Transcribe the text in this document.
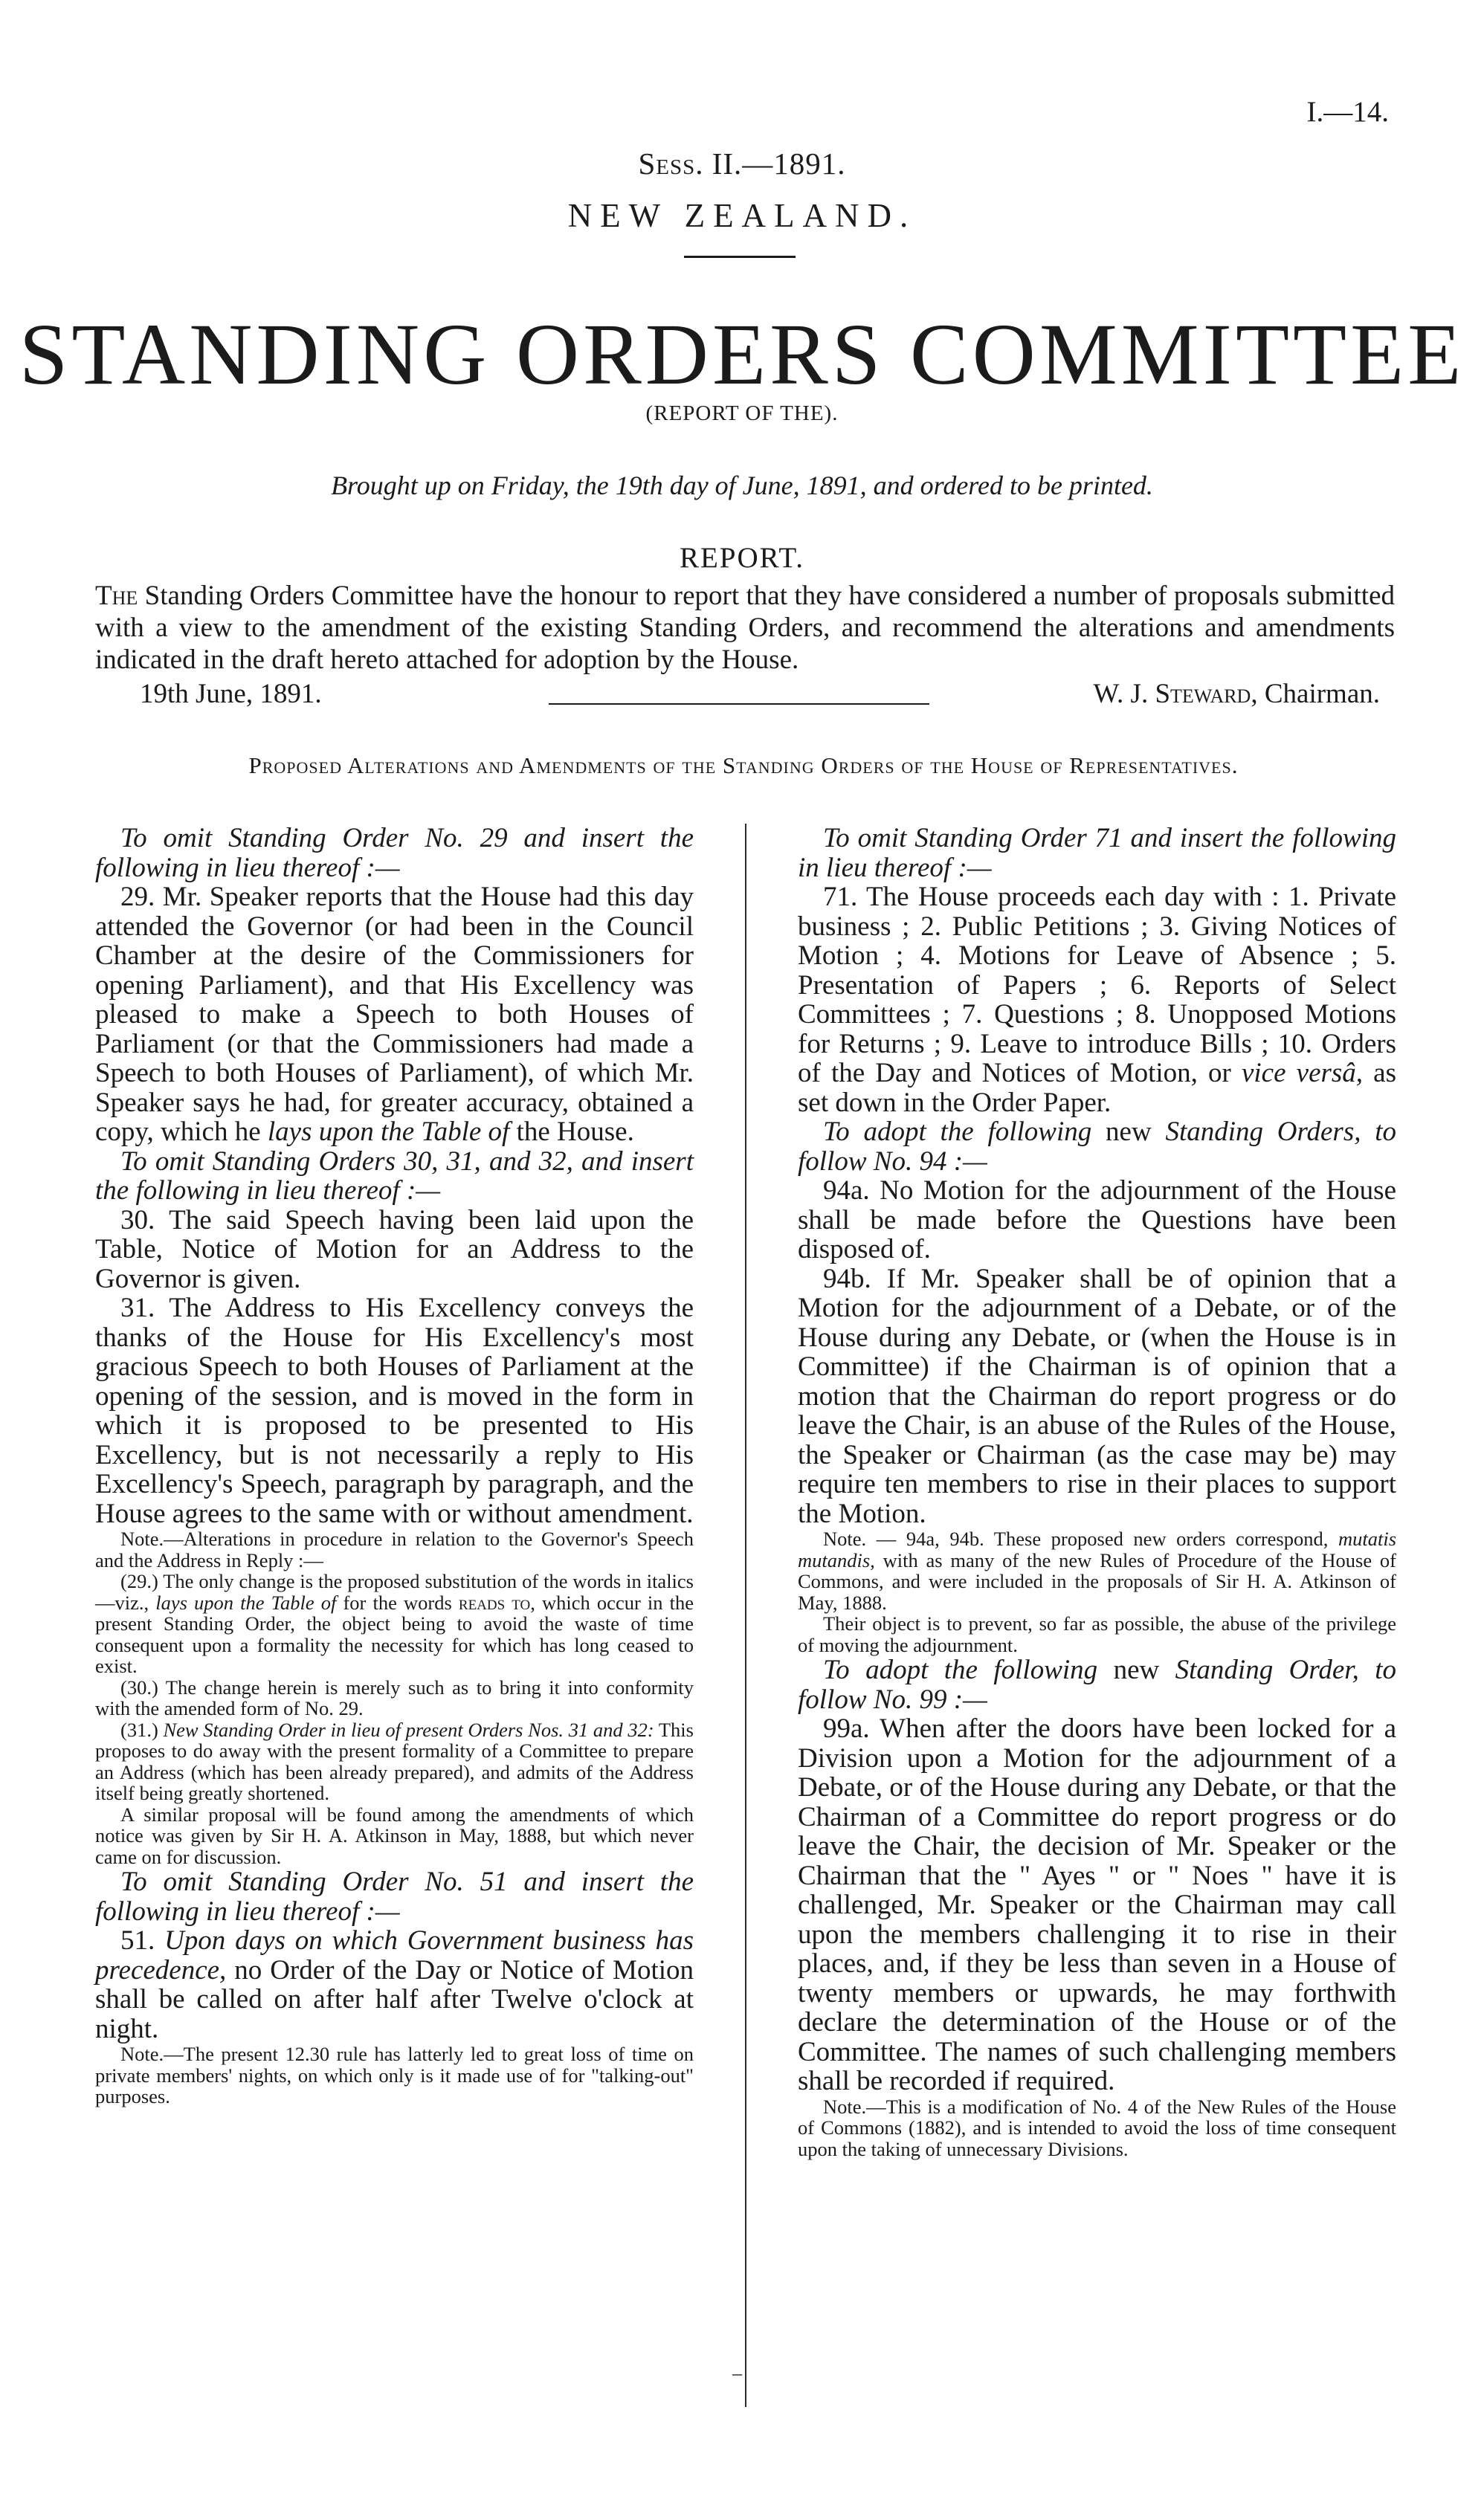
I.—14.
Sess. II.—1891.
NEW ZEALAND.
STANDING ORDERS COMMITTEE
(REPORT OF THE).
Brought up on Friday, the 19th day of June, 1891, and ordered to be printed.
REPORT.

The Standing Orders Committee have the honour to report that they have considered a number of proposals submitted with a view to the amendment of the existing Standing Orders, and recommend the alterations and amendments indicated in the draft hereto attached for adoption by the House.

19th June, 1891.	W. J. Steward, Chairman.

Proposed Alterations and Amendments of the Standing Orders of the House of Representatives.

To omit Standing Order No. 29 and insert the following in lieu thereof :—

29. Mr. Speaker reports that the House had this day attended the Governor (or had been in the Council Chamber at the desire of the Commissioners for opening Parliament), and that His Excellency was pleased to make a Speech to both Houses of Parliament (or that the Commissioners had made a Speech to both Houses of Parliament), of which Mr. Speaker says he had, for greater accuracy, obtained a copy, which he lays upon the Table of the House.

To omit Standing Orders 30, 31, and 32, and insert the following in lieu thereof :—

30. The said Speech having been laid upon the Table, Notice of Motion for an Address to the Governor is given.

31. The Address to His Excellency conveys the thanks of the House for His Excellency's most gracious Speech to both Houses of Parliament at the opening of the session, and is moved in the form in which it is proposed to be presented to His Excellency, but is not necessarily a reply to His Excellency's Speech, paragraph by paragraph, and the House agrees to the same with or without amendment.

Note.—Alterations in procedure in relation to the Governor's Speech and the Address in Reply :—

(29.) The only change is the proposed substitution of the words in italics—viz., lays upon the Table of for the words reads to, which occur in the present Standing Order, the object being to avoid the waste of time consequent upon a formality the necessity for which has long ceased to exist.

(30.) The change herein is merely such as to bring it into conformity with the amended form of No. 29.

(31.) New Standing Order in lieu of present Orders Nos. 31 and 32: This proposes to do away with the present formality of a Committee to prepare an Address (which has been already prepared), and admits of the Address itself being greatly shortened.

A similar proposal will be found among the amendments of which notice was given by Sir H. A. Atkinson in May, 1888, but which never came on for discussion.

To omit Standing Order No. 51 and insert the following in lieu thereof :—

51. Upon days on which Government business has precedence, no Order of the Day or Notice of Motion shall be called on after half after Twelve o'clock at night.

Note.—The present 12.30 rule has latterly led to great loss of time on private members' nights, on which only is it made use of for "talking-out" purposes.

–

To omit Standing Order 71 and insert the following in lieu thereof :—

71. The House proceeds each day with : 1. Private business ; 2. Public Petitions ; 3. Giving Notices of Motion ; 4. Motions for Leave of Absence ; 5. Presentation of Papers ; 6. Reports of Select Committees ; 7. Questions ; 8. Unopposed Motions for Returns ; 9. Leave to introduce Bills ; 10. Orders of the Day and Notices of Motion, or vice versâ, as set down in the Order Paper.

To adopt the following new Standing Orders, to follow No. 94 :—

94a. No Motion for the adjournment of the House shall be made before the Questions have been disposed of.

94b. If Mr. Speaker shall be of opinion that a Motion for the adjournment of a Debate, or of the House during any Debate, or (when the House is in Committee) if the Chairman is of opinion that a motion that the Chairman do report progress or do leave the Chair, is an abuse of the Rules of the House, the Speaker or Chairman (as the case may be) may require ten members to rise in their places to support the Motion.

Note. — 94a, 94b. These proposed new orders correspond, mutatis mutandis, with as many of the new Rules of Procedure of the House of Commons, and were included in the proposals of Sir H. A. Atkinson of May, 1888.

Their object is to prevent, so far as possible, the abuse of the privilege of moving the adjournment.

To adopt the following new Standing Order, to follow No. 99 :—

99a. When after the doors have been locked for a Division upon a Motion for the adjournment of a Debate, or of the House during any Debate, or that the Chairman of a Committee do report progress or do leave the Chair, the decision of Mr. Speaker or the Chairman that the " Ayes " or " Noes " have it is challenged, Mr. Speaker or the Chairman may call upon the members challenging it to rise in their places, and, if they be less than seven in a House of twenty members or upwards, he may forthwith declare the determination of the House or of the Committee. The names of such challenging members shall be recorded if required.

Note.—This is a modification of No. 4 of the New Rules of the House of Commons (1882), and is intended to avoid the loss of time consequent upon the taking of unnecessary Divisions.
